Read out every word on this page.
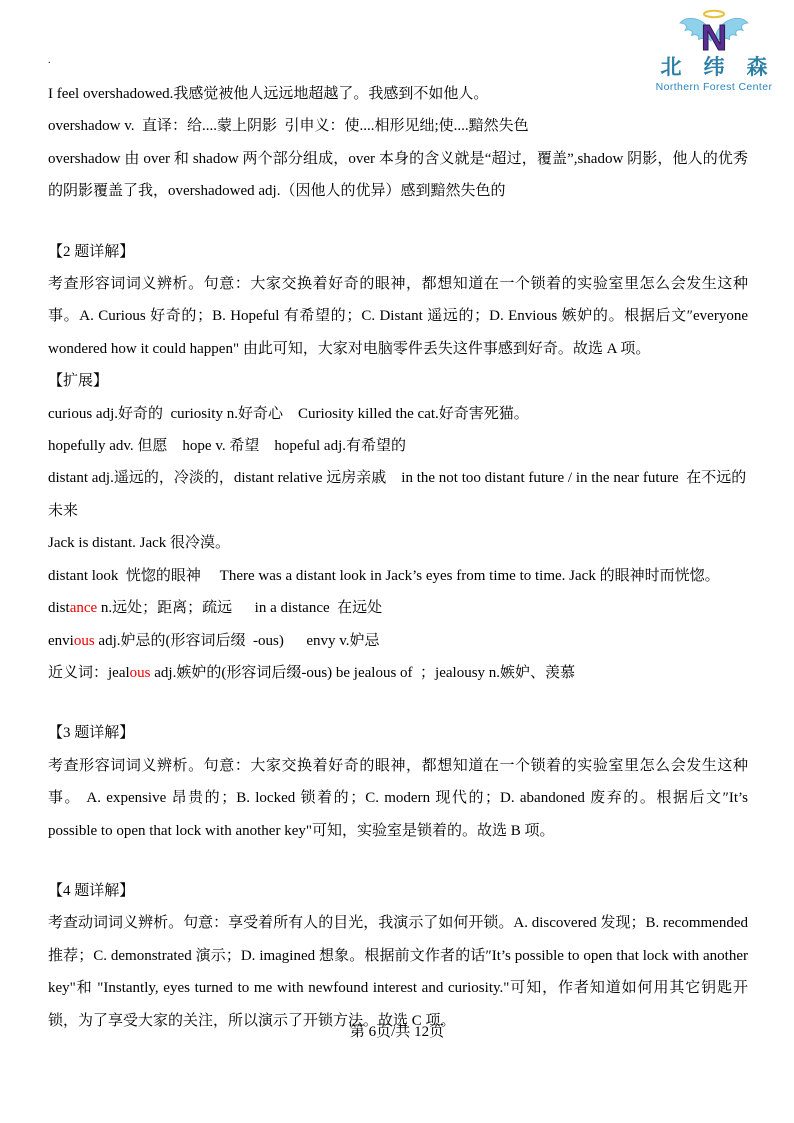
N
北纬森
Northern Forest Center
.
I feel overshadowed.我感觉被他人远远地超越了。我感到不如他人。
overshadow v.  直译：给....蒙上阴影  引申义：使....相形见绌;使....黯然失色
overshadow 由 over 和 shadow 两个部分组成，over 本身的含义就是“超过，覆盖”,shadow 阴影，他人的优秀的阴影覆盖了我，overshadowed adj.（因他人的优异）感到黯然失色的
【2 题详解】
考查形容词词义辨析。句意：大家交换着好奇的眼神，都想知道在一个锁着的实验室里怎么会发生这种事。A. Curious 好奇的；B. Hopeful 有希望的；C. Distant 遥远的；D. Envious 嫉妒的。根据后文″everyone wondered how it could happen" 由此可知，大家对电脑零件丢失这件事感到好奇。故选 A 项。
【扩展】
curious adj.好奇的  curiosity n.好奇心    Curiosity killed the cat.好奇害死猫。
hopefully adv. 但愿    hope v. 希望    hopeful adj.有希望的
distant adj.遥远的，冷淡的，distant relative 远房亲戚    in the not too distant future / in the near future  在不远的未来
Jack is distant. Jack 很冷漠。
distant look  恍惚的眼神     There was a distant look in Jack’s eyes from time to time. Jack 的眼神时而恍惚。
distance n.远处；距离；疏远      in a distance  在远处
envious adj.妒忌的(形容词后缀  -ous)      envy v.妒忌
近义词：jealous adj.嫉妒的(形容词后缀-ous) be jealous of  ；jealousy n.嫉妒、羡慕
【3 题详解】
考查形容词词义辨析。句意：大家交换着好奇的眼神，都想知道在一个锁着的实验室里怎么会发生这种事。 A. expensive 昂贵的；B. locked 锁着的；C. modern 现代的；D. abandoned 废弃的。根据后文″It’s possible to open that lock with another key"可知，实验室是锁着的。故选 B 项。
【4 题详解】
考查动词词义辨析。句意：享受着所有人的目光，我演示了如何开锁。A. discovered 发现；B. recommended 推荐；C. demonstrated 演示；D. imagined 想象。根据前文作者的话″It’s possible to open that lock with another key"和 "Instantly, eyes turned to me with newfound interest and curiosity."可知，作者知道如何用其它钥匙开锁，为了享受大家的关注，所以演示了开锁方法。故选 C 项。
第 6页/共 12页
